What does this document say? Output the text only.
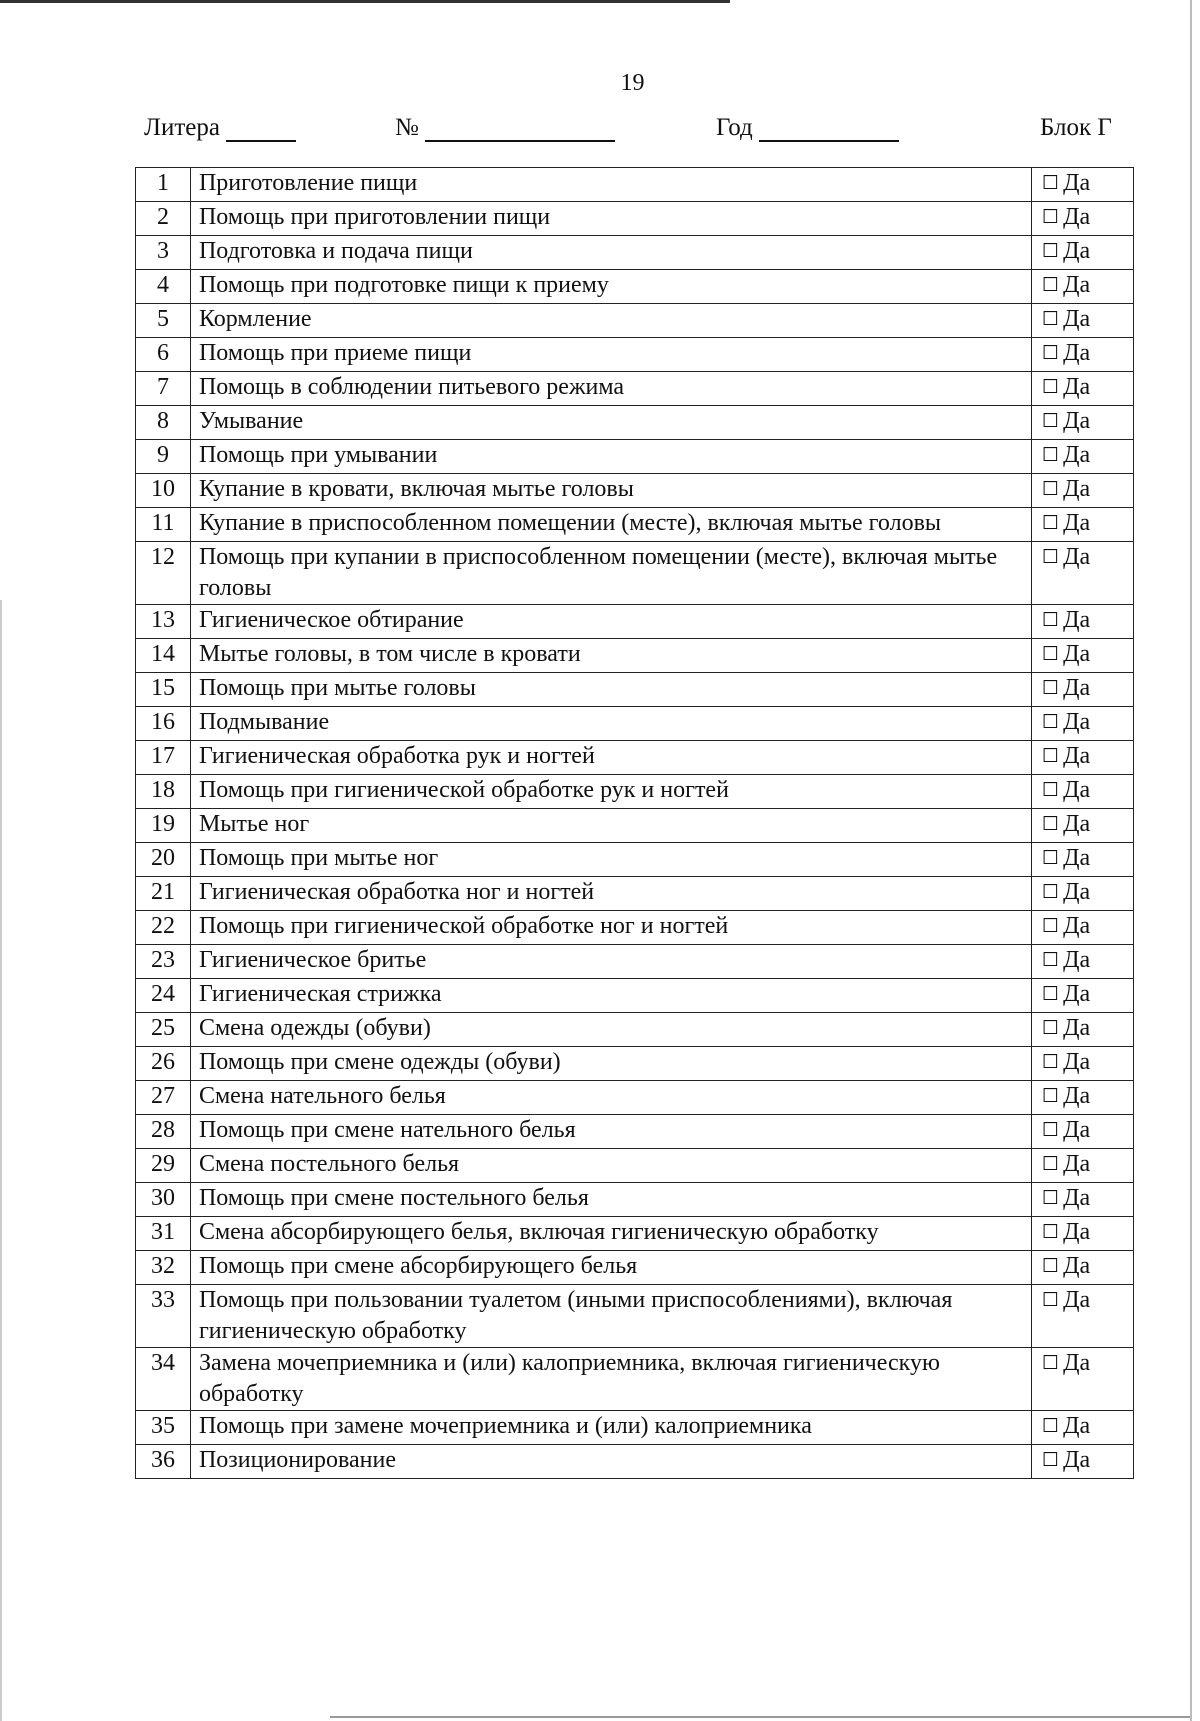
19
Литера	№	Год	Блок Г
1	Приготовление пищи	☐ Да
2	Помощь при приготовлении пищи	☐ Да
3	Подготовка и подача пищи	☐ Да
4	Помощь при подготовке пищи к приему	☐ Да
5	Кормление	☐ Да
6	Помощь при приеме пищи	☐ Да
7	Помощь в соблюдении питьевого режима	☐ Да
8	Умывание	☐ Да
9	Помощь при умывании	☐ Да
10	Купание в кровати, включая мытье головы	☐ Да
11	Купание в приспособленном помещении (месте), включая мытье головы	☐ Да
12	Помощь при купании в приспособленном помещении (месте), включая мытье головы	☐ Да
13	Гигиеническое обтирание	☐ Да
14	Мытье головы, в том числе в кровати	☐ Да
15	Помощь при мытье головы	☐ Да
16	Подмывание	☐ Да
17	Гигиеническая обработка рук и ногтей	☐ Да
18	Помощь при гигиенической обработке рук и ногтей	☐ Да
19	Мытье ног	☐ Да
20	Помощь при мытье ног	☐ Да
21	Гигиеническая обработка ног и ногтей	☐ Да
22	Помощь при гигиенической обработке ног и ногтей	☐ Да
23	Гигиеническое бритье	☐ Да
24	Гигиеническая стрижка	☐ Да
25	Смена одежды (обуви)	☐ Да
26	Помощь при смене одежды (обуви)	☐ Да
27	Смена нательного белья	☐ Да
28	Помощь при смене нательного белья	☐ Да
29	Смена постельного белья	☐ Да
30	Помощь при смене постельного белья	☐ Да
31	Смена абсорбирующего белья, включая гигиеническую обработку	☐ Да
32	Помощь при смене абсорбирующего белья	☐ Да
33	Помощь при пользовании туалетом (иными приспособлениями), включая гигиеническую обработку	☐ Да
34	Замена мочеприемника и (или) калоприемника, включая гигиеническую обработку	☐ Да
35	Помощь при замене мочеприемника и (или) калоприемника	☐ Да
36	Позиционирование	☐ Да
